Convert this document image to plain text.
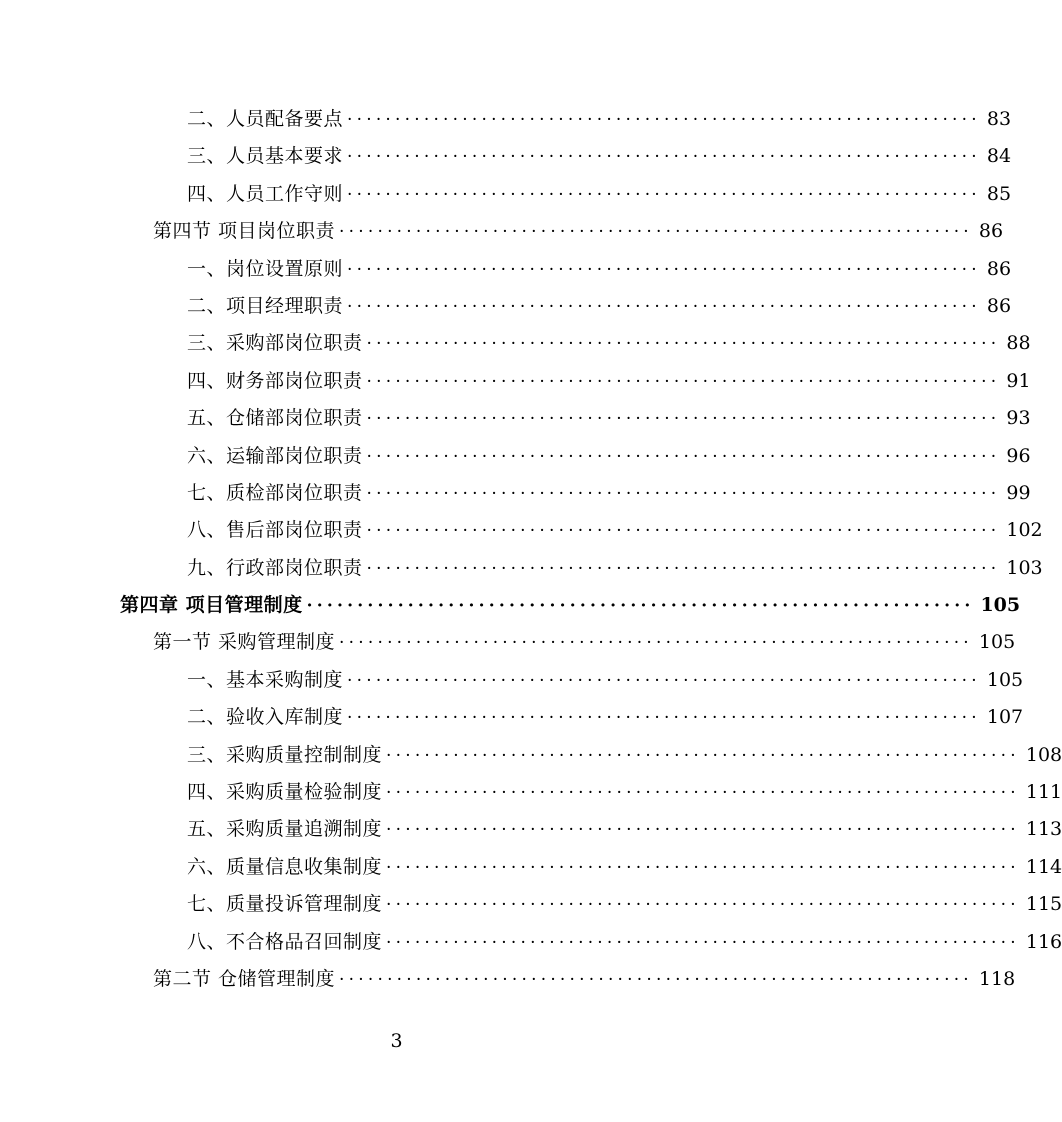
二、人员配备要点 ·································································· 83
三、人员基本要求 ·································································· 84
四、人员工作守则 ·································································· 85
第四节 项目岗位职责 ·································································· 86
一、岗位设置原则 ·································································· 86
二、项目经理职责 ·································································· 86
三、采购部岗位职责 ·································································· 88
四、财务部岗位职责 ·································································· 91
五、仓储部岗位职责 ·································································· 93
六、运输部岗位职责 ·································································· 96
七、质检部岗位职责 ·································································· 99
八、售后部岗位职责 ·································································· 102
九、行政部岗位职责 ·································································· 103
第四章 项目管理制度 ·································································· 105
第一节 采购管理制度 ·································································· 105
一、基本采购制度 ·································································· 105
二、验收入库制度 ·································································· 107
三、采购质量控制制度 ·································································· 108
四、采购质量检验制度 ·································································· 111
五、采购质量追溯制度 ·································································· 113
六、质量信息收集制度 ·································································· 114
七、质量投诉管理制度 ·································································· 115
八、不合格品召回制度 ·································································· 116
第二节 仓储管理制度 ·································································· 118
3
